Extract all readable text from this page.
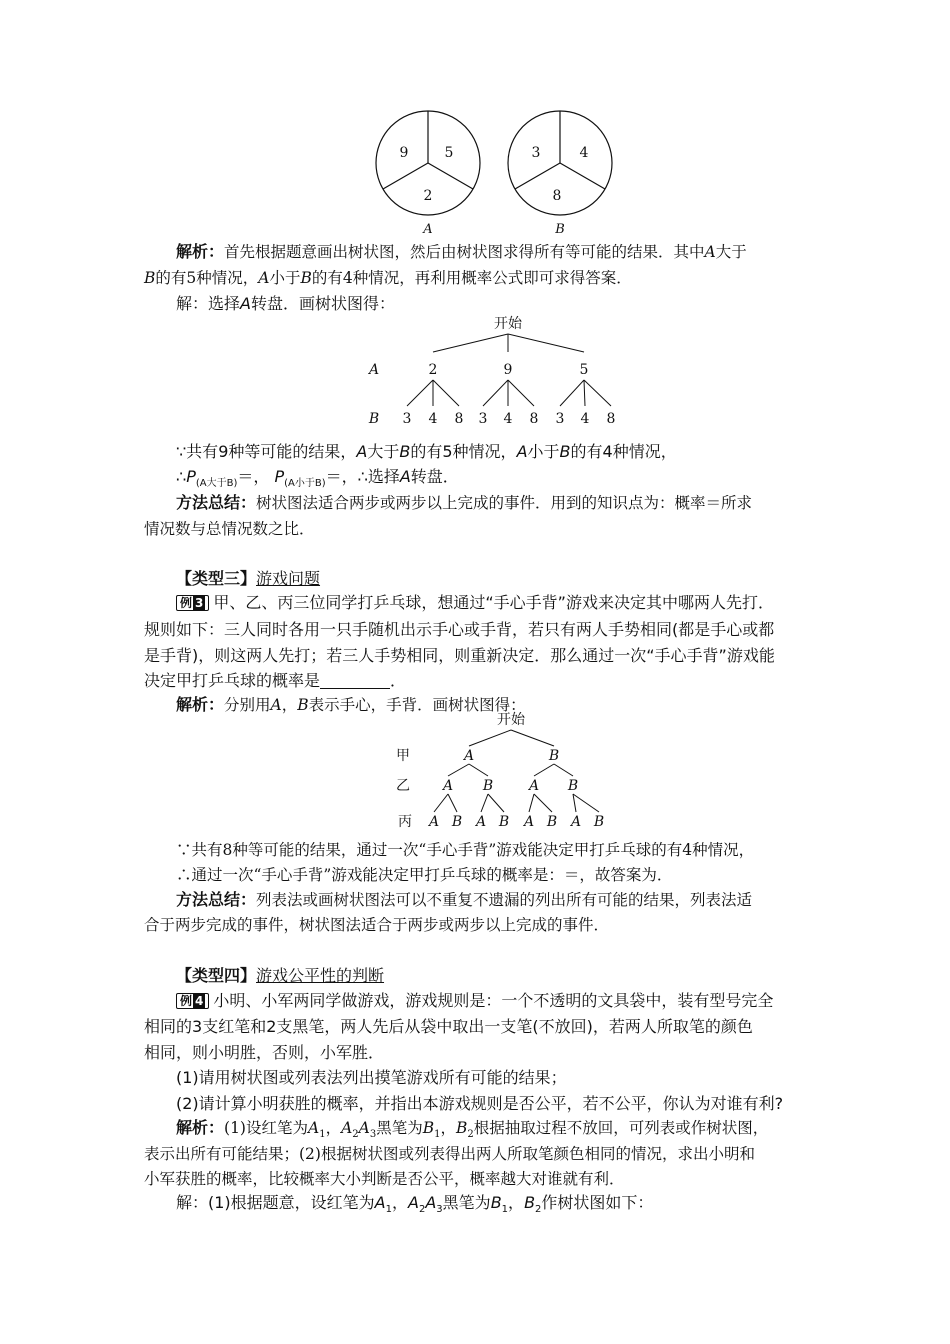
9	5
2
A
3	4
8
B
解析：首先根据题意画出树状图，然后由树状图求得所有等可能的结果．其中A大于
B的有5种情况，A小于B的有4种情况，再利用概率公式即可求得答案．
解：选择A转盘．画树状图得：
开始
A	2	9	5
B 3 4 8 3 4 8 3 4 8
∵共有9种等可能的结果，A大于B的有5种情况，A小于B的有4种情况，
$\therefore P_{(A大于B)}=$， $P_{(A小于B)}=$，∴选择A转盘．
方法总结：树状图法适合两步或两步以上完成的事件．用到的知识点为：概率＝所求
情况数与总情况数之比．
【类型三】游戏问题
例 3 甲、乙、丙三位同学打乒乓球，想通过“手心手背”游戏来决定其中哪两人先打．
规则如下：三人同时各用一只手随机出示手心或手背，若只有两人手势相同(都是手心或都
是手背)，则这两人先打；若三人手势相同，则重新决定．那么通过一次“手心手背”游戏能
决定甲打乒乓球的概率是	．
解析：分别用A，B表示手心，手背．画树状图得：
开始
甲	A	B
乙 A B	A B
丙 A B A B A B A B
∵共有8种等可能的结果，通过一次“手心手背”游戏能决定甲打乒乓球的有4种情况，
∴通过一次“手心手背”游戏能决定甲打乒乓球的概率是：＝，故答案为．
方法总结：列表法或画树状图法可以不重复不遗漏的列出所有可能的结果，列表法适
合于两步完成的事件，树状图法适合于两步或两步以上完成的事件．
【类型四】游戏公平性的判断
例 4 小明、小军两同学做游戏，游戏规则是：一个不透明的文具袋中，装有型号完全
相同的3支红笔和2支黑笔，两人先后从袋中取出一支笔(不放回)，若两人所取笔的颜色
相同，则小明胜，否则，小军胜．
(1)请用树状图或列表法列出摸笔游戏所有可能的结果；
(2)请计算小明获胜的概率，并指出本游戏规则是否公平，若不公平，你认为对谁有利?
解析：(1)设红笔为$A_1$，$A_2A_3$黑笔为$B_1$，$B_2$根据抽取过程不放回，可列表或作树状图，
表示出所有可能结果；(2)根据树状图或列表得出两人所取笔颜色相同的情况，求出小明和
小军获胜的概率，比较概率大小判断是否公平，概率越大对谁就有利．
解：(1)根据题意，设红笔为$A_1$，$A_2A_3$黑笔为$B_1$，$B_2$作树状图如下：
